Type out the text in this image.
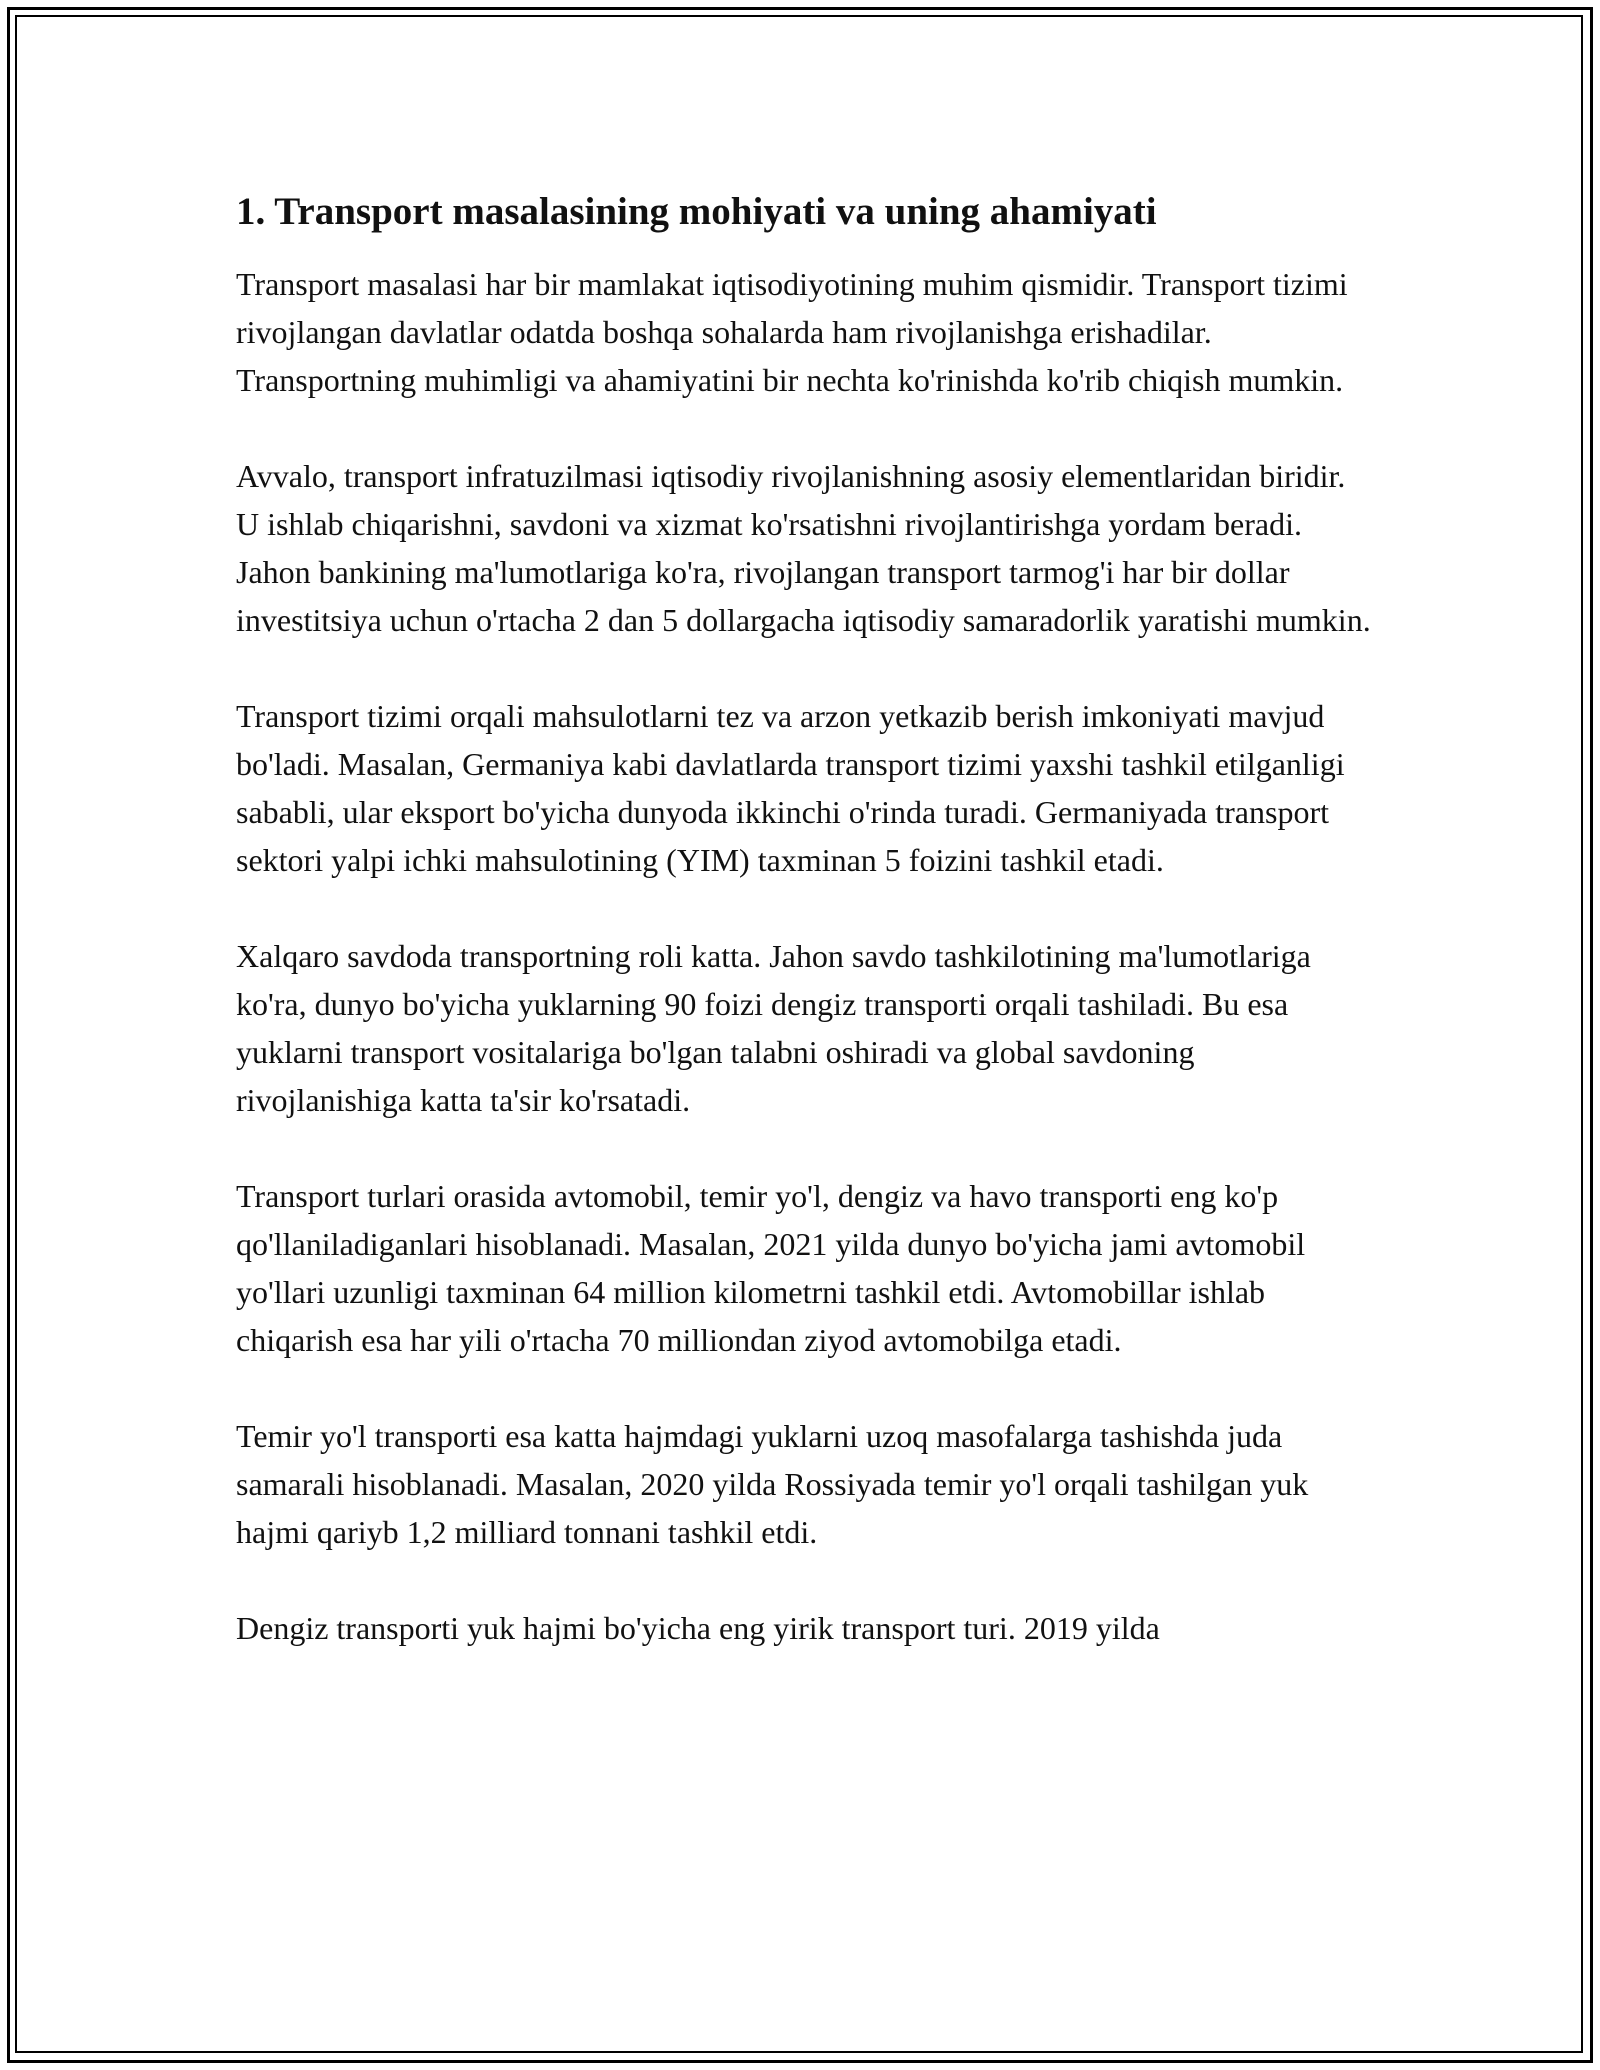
1. Transport masalasining mohiyati va uning ahamiyati

Transport masalasi har bir mamlakat iqtisodiyotining muhim qismidir. Transport tizimi rivojlangan davlatlar odatda boshqa sohalarda ham rivojlanishga erishadilar. Transportning muhimligi va ahamiyatini bir nechta ko'rinishda ko'rib chiqish mumkin.

Avvalo, transport infratuzilmasi iqtisodiy rivojlanishning asosiy elementlaridan biridir. U ishlab chiqarishni, savdoni va xizmat ko'rsatishni rivojlantirishga yordam beradi. Jahon bankining ma'lumotlariga ko'ra, rivojlangan transport tarmog'i har bir dollar investitsiya uchun o'rtacha 2 dan 5 dollargacha iqtisodiy samaradorlik yaratishi mumkin.

Transport tizimi orqali mahsulotlarni tez va arzon yetkazib berish imkoniyati mavjud bo'ladi. Masalan, Germaniya kabi davlatlarda transport tizimi yaxshi tashkil etilganligi sababli, ular eksport bo'yicha dunyoda ikkinchi o'rinda turadi. Germaniyada transport sektori yalpi ichki mahsulotining (YIM) taxminan 5 foizini tashkil etadi.

Xalqaro savdoda transportning roli katta. Jahon savdo tashkilotining ma'lumotlariga ko'ra, dunyo bo'yicha yuklarning 90 foizi dengiz transporti orqali tashiladi. Bu esa yuklarni transport vositalariga bo'lgan talabni oshiradi va global savdoning rivojlanishiga katta ta'sir ko'rsatadi.

Transport turlari orasida avtomobil, temir yo'l, dengiz va havo transporti eng ko'p qo'llaniladiganlari hisoblanadi. Masalan, 2021 yilda dunyo bo'yicha jami avtomobil yo'llari uzunligi taxminan 64 million kilometrni tashkil etdi. Avtomobillar ishlab chiqarish esa har yili o'rtacha 70 milliondan ziyod avtomobilga etadi.

Temir yo'l transporti esa katta hajmdagi yuklarni uzoq masofalarga tashishda juda samarali hisoblanadi. Masalan, 2020 yilda Rossiyada temir yo'l orqali tashilgan yuk hajmi qariyb 1,2 milliard tonnani tashkil etdi.

Dengiz transporti yuk hajmi bo'yicha eng yirik transport turi. 2019 yilda
